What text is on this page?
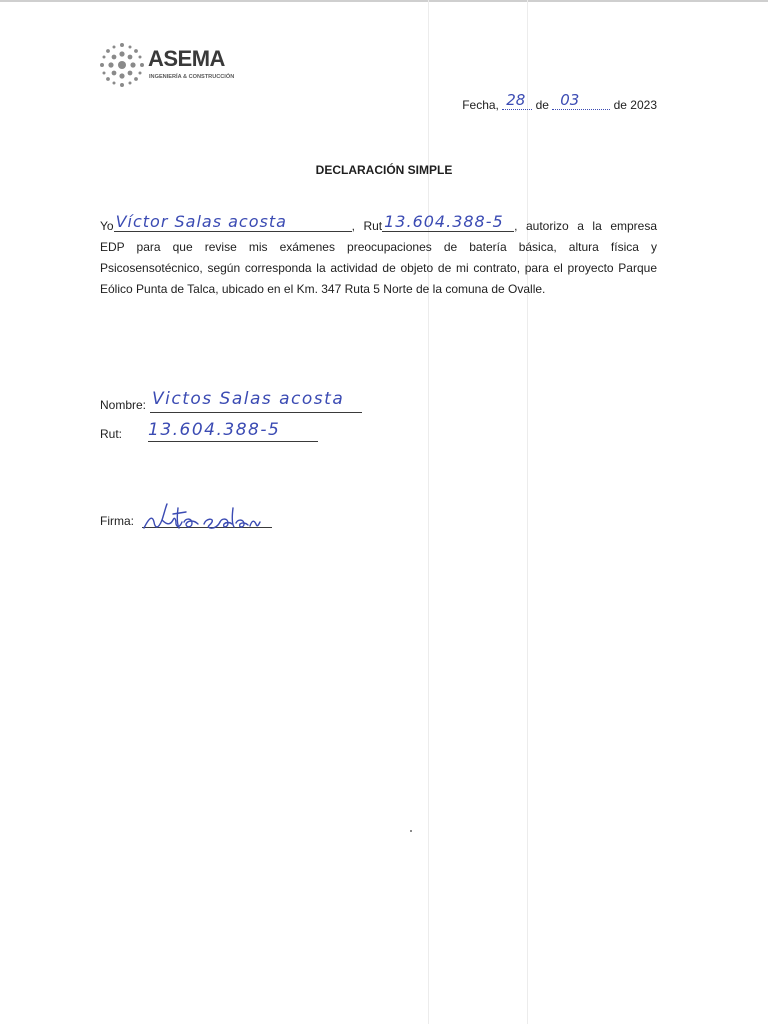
ASEMA
INGENIERÍA & CONSTRUCCIÓN
Fecha, 28 de 03	de 2023
DECLARACIÓN SIMPLE
Yo Víctor Salas acosta	, Rut 13.604.388-5 , autorizo a la empresa EDP para que revise mis exámenes preocupaciones de batería básica, altura física y Psicosensotécnico, según corresponda la actividad de objeto de mi contrato, para el proyecto Parque Eólico Punta de Talca, ubicado en el Km. 347 Ruta 5 Norte de la comuna de Ovalle.
Nombre: Victos Salas acosta
Rut: 13.604.388-5
Firma:
